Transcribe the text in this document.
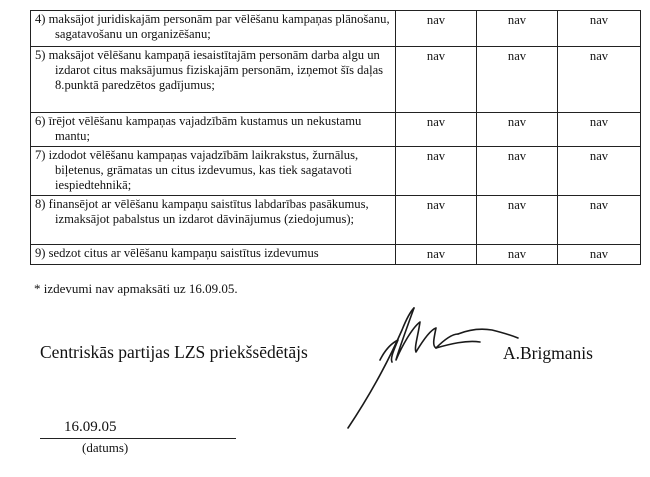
4) maksājot juridiskajām personām par vēlēšanu kampaņas plānošanu, sagatavošanu un organizēšanu;	nav	nav	nav
5) maksājot vēlēšanu kampaņā iesaistītajām personām darba algu un izdarot citus maksājumus fiziskajām personām, izņemot šīs daļas 8.punktā paredzētos gadījumus;	nav	nav	nav
6) īrējot vēlēšanu kampaņas vajadzībām kustamus un nekustamu mantu;	nav	nav	nav
7) izdodot vēlēšanu kampaņas vajadzībām laikrakstus, žurnālus, biļetenus, grāmatas un citus izdevumus, kas tiek sagatavoti iespiedtehnikā;	nav	nav	nav
8) finansējot ar vēlēšanu kampaņu saistītus labdarības pasākumus, izmaksājot pabalstus un izdarot dāvinājumus (ziedojumus);	nav	nav	nav
9) sedzot citus ar vēlēšanu kampaņu saistītus izdevumus	nav	nav	nav
* izdevumi nav apmaksāti uz 16.09.05.
Centriskās partijas LZS priekšsēdētājs	A.Brigmanis
16.09.05
(datums)
